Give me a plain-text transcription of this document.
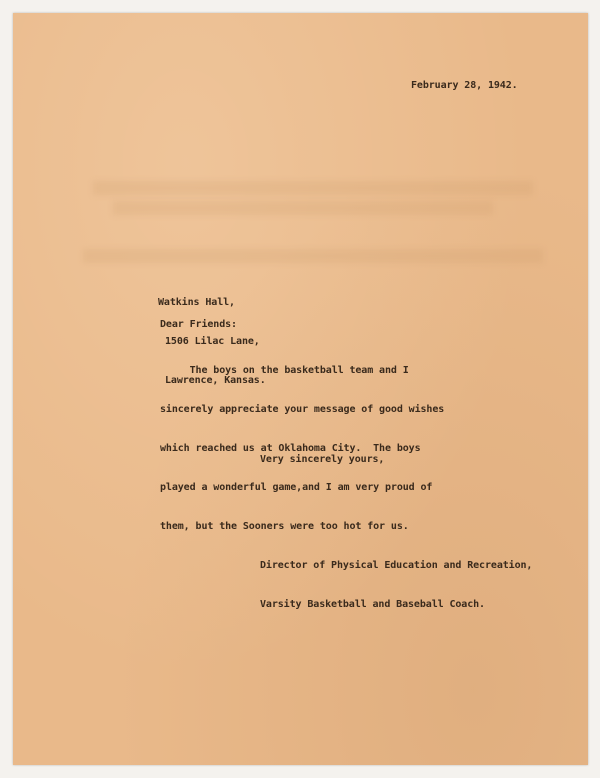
February 28, 1942.

Watkins Hall,

1506 Lilac Lane,

Lawrence, Kansas.

Dear Friends:

The boys on the basketball team and I

sincerely appreciate your message of good wishes

which reached us at Oklahoma City.  The boys

played a wonderful game,and I am very proud of

them, but the Sooners were too hot for us.

Very sincerely yours,

Director of Physical Education and Recreation,

Varsity Basketball and Baseball Coach.
